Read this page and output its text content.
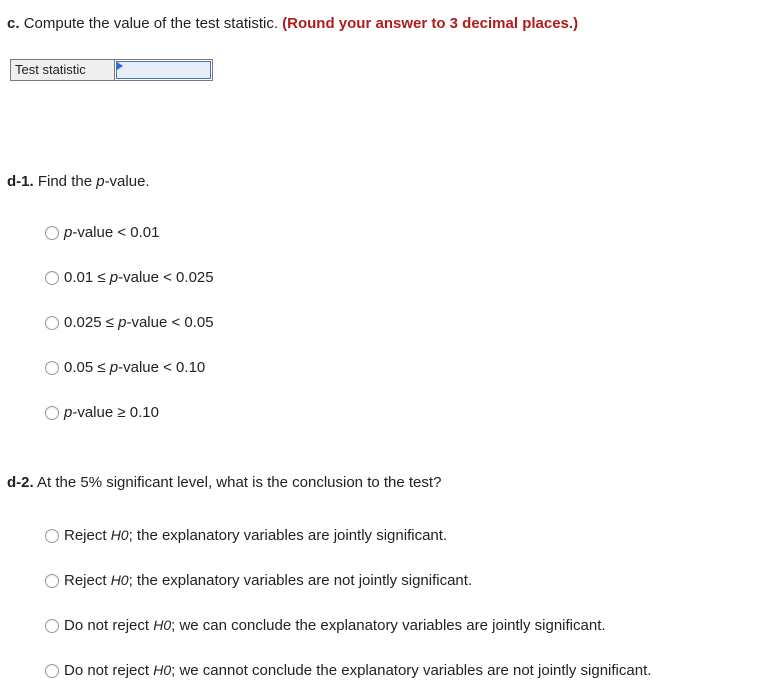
c. Compute the value of the test statistic. (Round your answer to 3 decimal places.)
Test statistic
d-1. Find the p-value.
p-value < 0.01
0.01 ≤ p-value < 0.025
0.025 ≤ p-value < 0.05
0.05 ≤ p-value < 0.10
p-value ≥ 0.10
d-2. At the 5% significant level, what is the conclusion to the test?
Reject H0; the explanatory variables are jointly significant.
Reject H0; the explanatory variables are not jointly significant.
Do not reject H0; we can conclude the explanatory variables are jointly significant.
Do not reject H0; we cannot conclude the explanatory variables are not jointly significant.
